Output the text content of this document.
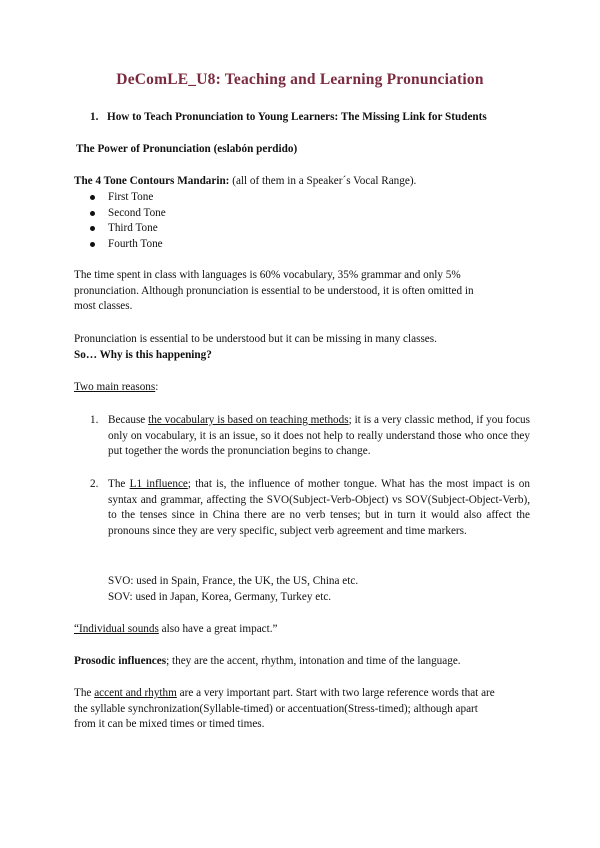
DeComLE_U8: Teaching and Learning Pronunciation
1. How to Teach Pronunciation to Young Learners: The Missing Link for Students
The Power of Pronunciation (eslabón perdido)
The 4 Tone Contours Mandarin: (all of them in a Speaker´s Vocal Range).
First Tone
Second Tone
Third Tone
Fourth Tone
The time spent in class with languages is 60% vocabulary, 35% grammar and only 5%
pronunciation. Although pronunciation is essential to be understood, it is often omitted in
most classes.
Pronunciation is essential to be understood but it can be missing in many classes.
So… Why is this happening?
Two main reasons:
1. Because the vocabulary is based on teaching methods; it is a very classic method, if you focus only on vocabulary, it is an issue, so it does not help to really understand those who once they put together the words the pronunciation begins to change.
2. The L1 influence; that is, the influence of mother tongue. What has the most impact is on syntax and grammar, affecting the SVO(Subject-Verb-Object) vs SOV(Subject-Object-Verb), to the tenses since in China there are no verb tenses; but in turn it would also affect the pronouns since they are very specific, subject verb agreement and time markers.
SVO: used in Spain, France, the UK, the US, China etc.
SOV: used in Japan, Korea, Germany, Turkey etc.
“Individual sounds also have a great impact.”
Prosodic influences; they are the accent, rhythm, intonation and time of the language.
The accent and rhythm are a very important part. Start with two large reference words that are
the syllable synchronization(Syllable-timed) or accentuation(Stress-timed); although apart
from it can be mixed times or timed times.
